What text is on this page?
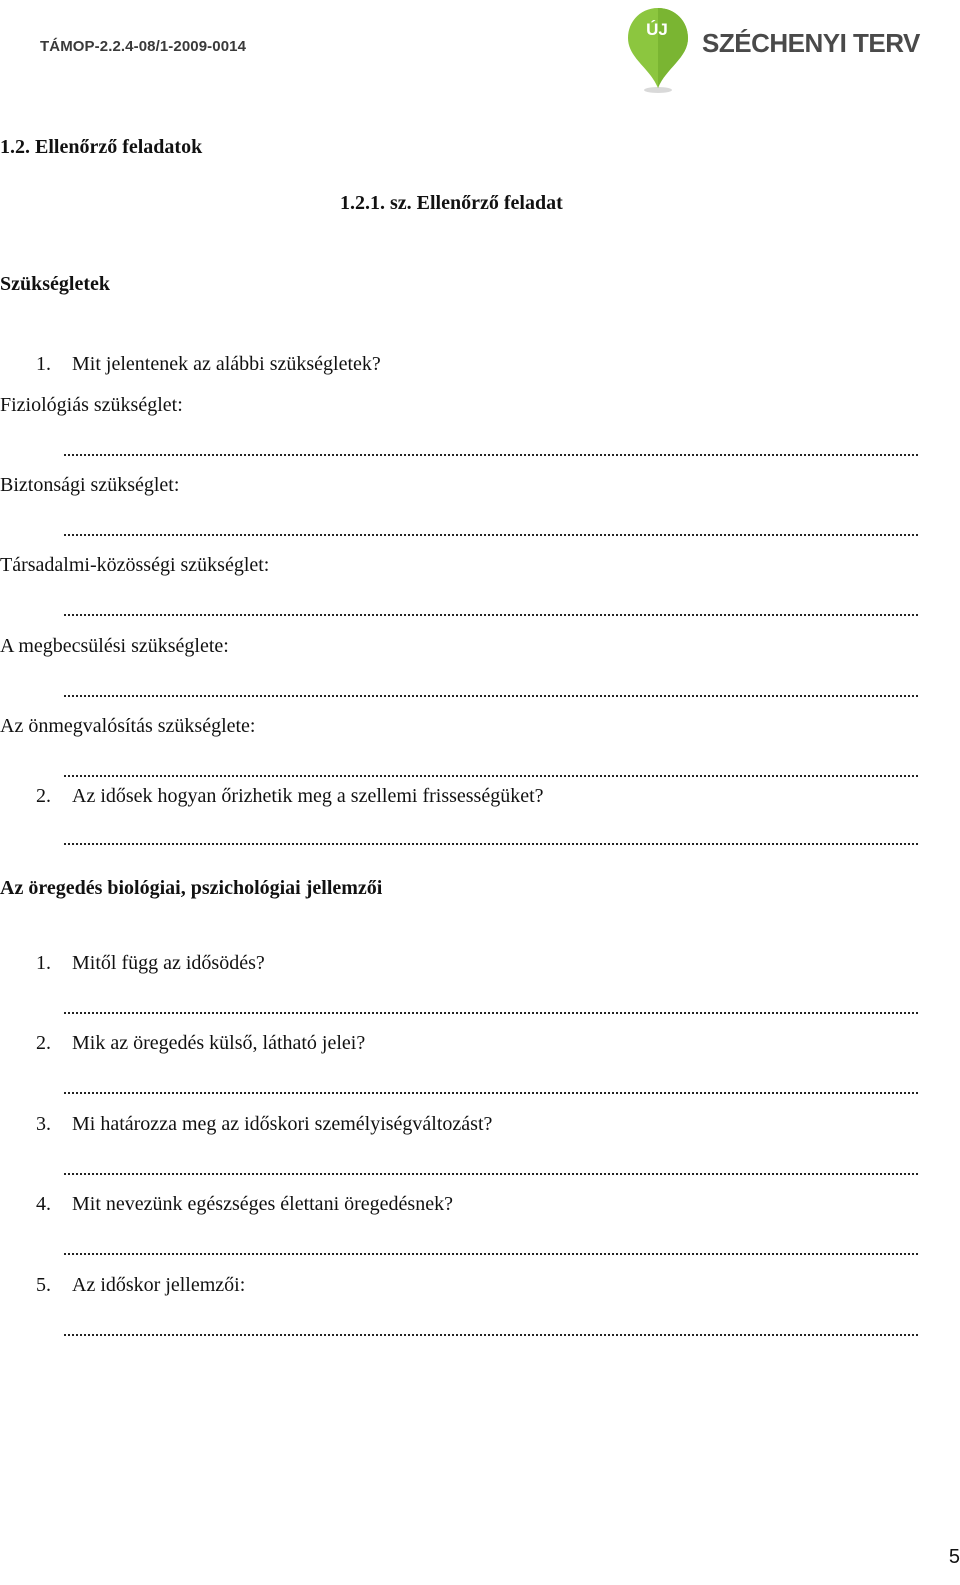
TÁMOP-2.2.4-08/1-2009-0014
ÚJ	SZÉCHENYI TERV
1.2. Ellenőrző feladatok
1.2.1. sz. Ellenőrző feladat
Szükségletek
1. Mit jelentenek az alábbi szükségletek?
Fiziológiás szükséglet:
Biztonsági szükséglet:
Társadalmi-közösségi szükséglet:
A megbecsülési szükséglete:
Az önmegvalósítás szükséglete:
2. Az idősek hogyan őrizhetik meg a szellemi frissességüket?
Az öregedés biológiai, pszichológiai jellemzői
1. Mitől függ az idősödés?
2. Mik az öregedés külső, látható jelei?
3. Mi határozza meg az időskori személyiségváltozást?
4. Mit nevezünk egészséges élettani öregedésnek?
5. Az időskor jellemzői:
5
